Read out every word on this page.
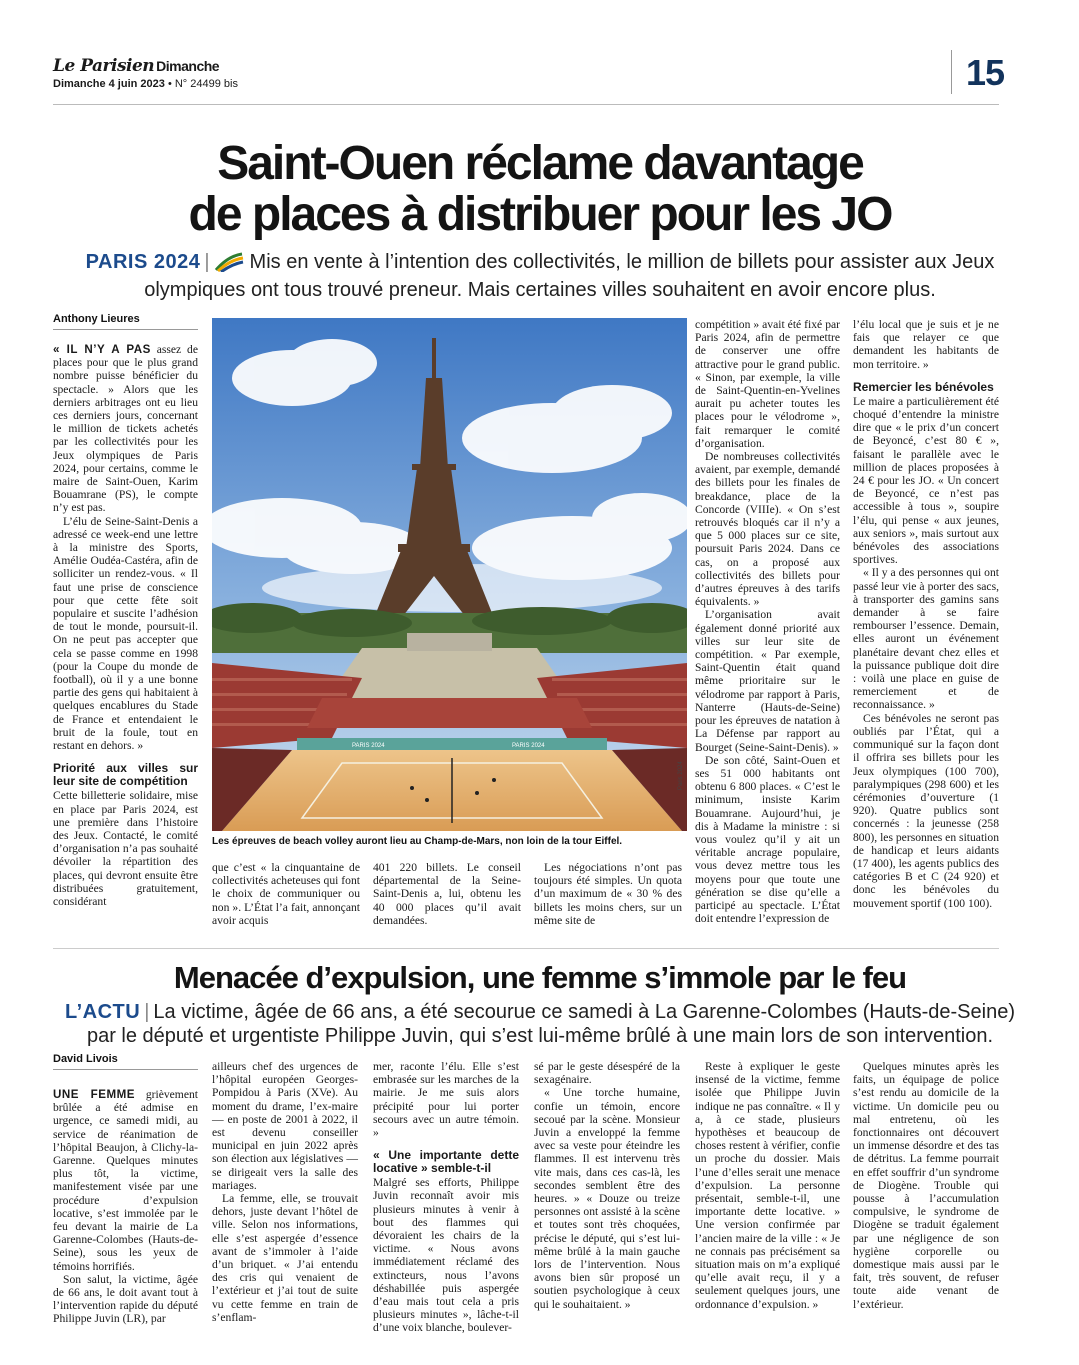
Le Parisien Dimanche
Dimanche 4 juin 2023 • N° 24499 bis	15
Saint-Ouen réclame davantage
de places à distribuer pour les JO
PARIS 2024 | Mis en vente à l’intention des collectivités, le million de billets pour assister aux Jeux olympiques ont tous trouvé preneur. Mais certaines villes souhaitent en avoir encore plus.
Anthony Lieures

« IL N’Y A PAS assez de places pour que le plus grand nombre puisse bénéficier du spectacle. » Alors que les derniers arbitrages ont eu lieu ces derniers jours, concernant le million de tickets achetés par les collectivités pour les Jeux olympiques de Paris 2024, pour certains, comme le maire de Saint-Ouen, Karim Bouamrane (PS), le compte n’y est pas.

L’élu de Seine-Saint-Denis a adressé ce week-end une lettre à la ministre des Sports, Amélie Oudéa-Castéra, afin de solliciter un rendez-vous. « Il faut une prise de conscience pour que cette fête soit populaire et suscite l’adhésion de tout le monde, poursuit-il. On ne peut pas accepter que cela se passe comme en 1998 (pour la Coupe du monde de football), où il y a une bonne partie des gens qui habitaient à quelques encablures du Stade de France et entendaient le bruit de la foule, tout en restant en dehors. »

Priorité aux villes sur leur site de compétition

Cette billetterie solidaire, mise en place par Paris 2024, est une première dans l’histoire des Jeux. Contacté, le comité d’organisation n’a pas souhaité dévoiler la répartition des places, qui devront ensuite être distribuées gratuitement, considérant

PARIS 2024	PARIS 2024
Paris 2024
Les épreuves de beach volley auront lieu au Champ-de-Mars, non loin de la tour Eiffel.

que c’est « la cinquantaine de collectivités acheteuses qui font le choix de communiquer ou non ». L’État l’a fait, annonçant avoir acquis

401 220 billets. Le conseil départemental de la Seine-Saint-Denis a, lui, obtenu les 40 000 places qu’il avait demandées.

Les négociations n’ont pas toujours été simples. Un quota d’un maximum de « 30 % des billets les moins chers, sur un même site de

compétition » avait été fixé par Paris 2024, afin de permettre de conserver une offre attractive pour le grand public. « Sinon, par exemple, la ville de Saint-Quentin-en-Yvelines aurait pu acheter toutes les places pour le vélodrome », fait remarquer le comité d’organisation.

De nombreuses collectivités avaient, par exemple, demandé des billets pour les finales de breakdance, place de la Concorde (VIIIe). « On s’est retrouvés bloqués car il n’y a que 5 000 places sur ce site, poursuit Paris 2024. Dans ce cas, on a proposé aux collectivités des billets pour d’autres épreuves à des tarifs équivalents. »

L’organisation avait également donné priorité aux villes sur leur site de compétition. « Par exemple, Saint-Quentin était quand même prioritaire sur le vélodrome par rapport à Paris, Nanterre (Hauts-de-Seine) pour les épreuves de natation à La Défense par rapport au Bourget (Seine-Saint-Denis). »

De son côté, Saint-Ouen et ses 51 000 habitants ont obtenu 6 800 places. « C’est le minimum, insiste Karim Bouamrane. Aujourd’hui, je dis à Madame la ministre : si vous voulez qu’il y ait un véritable ancrage populaire, vous devez mettre tous les moyens pour que toute une génération se dise qu’elle a participé au spectacle. L’État doit entendre l’expression de

l’élu local que je suis et je ne fais que relayer ce que demandent les habitants de mon territoire. »

Remercier les bénévoles

Le maire a particulièrement été choqué d’entendre la ministre dire que « le prix d’un concert de Beyoncé, c’est 80 € », faisant le parallèle avec le million de places proposées à 24 € pour les JO. « Un concert de Beyoncé, ce n’est pas accessible à tous », soupire l’élu, qui pense « aux jeunes, aux seniors », mais surtout aux bénévoles des associations sportives.

« Il y a des personnes qui ont passé leur vie à porter des sacs, à transporter des gamins sans demander à se faire rembourser l’essence. Demain, elles auront un événement planétaire devant chez elles et la puissance publique doit dire : voilà une place en guise de remerciement et de reconnaissance. »

Ces bénévoles ne seront pas oubliés par l’État, qui a communiqué sur la façon dont il offrira ses billets pour les Jeux olympiques (100 700), paralympiques (298 600) et les cérémonies d’ouverture (1 920). Quatre publics sont concernés : la jeunesse (258 800), les personnes en situation de handicap et leurs aidants (17 400), les agents publics des catégories B et C (24 920) et donc les bénévoles du mouvement sportif (100 100).

Menacée d’expulsion, une femme s’immole par le feu
L’ACTU | La victime, âgée de 66 ans, a été secourue ce samedi à La Garenne-Colombes (Hauts-de-Seine) par le député et urgentiste Philippe Juvin, qui s’est lui-même brûlé à une main lors de son intervention.
David Livois

UNE FEMME grièvement brûlée a été admise en urgence, ce samedi midi, au service de réanimation de l’hôpital Beaujon, à Clichy-la-Garenne. Quelques minutes plus tôt, la victime, manifestement visée par une procédure d’expulsion locative, s’est immolée par le feu devant la mairie de La Garenne-Colombes (Hauts-de-Seine), sous les yeux de témoins horrifiés.

Son salut, la victime, âgée de 66 ans, le doit avant tout à l’intervention rapide du député Philippe Juvin (LR), par

ailleurs chef des urgences de l’hôpital européen Georges-Pompidou à Paris (XVe). Au moment du drame, l’ex-maire — en poste de 2001 à 2022, il est devenu conseiller municipal en juin 2022 après son élection aux législatives — se dirigeait vers la salle des mariages.

La femme, elle, se trouvait dehors, juste devant l’hôtel de ville. Selon nos informations, elle s’est aspergée d’essence avant de s’immoler à l’aide d’un briquet. « J’ai entendu des cris qui venaient de l’extérieur et j’ai tout de suite vu cette femme en train de s’enflam-

mer, raconte l’élu. Elle s’est embrasée sur les marches de la mairie. Je me suis alors précipité pour lui porter secours avec un autre témoin. »

« Une importante dette locative » semble-t-il

Malgré ses efforts, Philippe Juvin reconnaît avoir mis plusieurs minutes à venir à bout des flammes qui dévoraient les chairs de la victime. « Nous avons immédiatement réclamé des extincteurs, nous l’avons déshabillée puis aspergée d’eau mais tout cela a pris plusieurs minutes », lâche-t-il d’une voix blanche, boulever-

sé par le geste désespéré de la sexagénaire.

« Une torche humaine, confie un témoin, encore secoué par la scène. Monsieur Juvin a enveloppé la femme avec sa veste pour éteindre les flammes. Il est intervenu très vite mais, dans ces cas-là, les secondes semblent être des heures. » « Douze ou treize personnes ont assisté à la scène et toutes sont très choquées, précise le député, qui s’est lui-même brûlé à la main gauche lors de l’intervention. Nous avons bien sûr proposé un soutien psychologique à ceux qui le souhaitaient. »

Reste à expliquer le geste insensé de la victime, femme isolée que Philippe Juvin indique ne pas connaître. « Il y a, à ce stade, plusieurs hypothèses et beaucoup de choses restent à vérifier, confie un proche du dossier. Mais l’une d’elles serait une menace d’expulsion. La personne présentait, semble-t-il, une importante dette locative. » Une version confirmée par l’ancien maire de la ville : « Je ne connais pas précisément sa situation mais on m’a expliqué qu’elle avait reçu, il y a seulement quelques jours, une ordonnance d’expulsion. »

Quelques minutes après les faits, un équipage de police s’est rendu au domicile de la victime. Un domicile peu ou mal entretenu, où les fonctionnaires ont découvert un immense désordre et des tas de détritus. La femme pourrait en effet souffrir d’un syndrome de Diogène. Trouble qui pousse à l’accumulation compulsive, le syndrome de Diogène se traduit également par une négligence de son hygiène corporelle ou domestique mais aussi par le fait, très souvent, de refuser toute aide venant de l’extérieur.
